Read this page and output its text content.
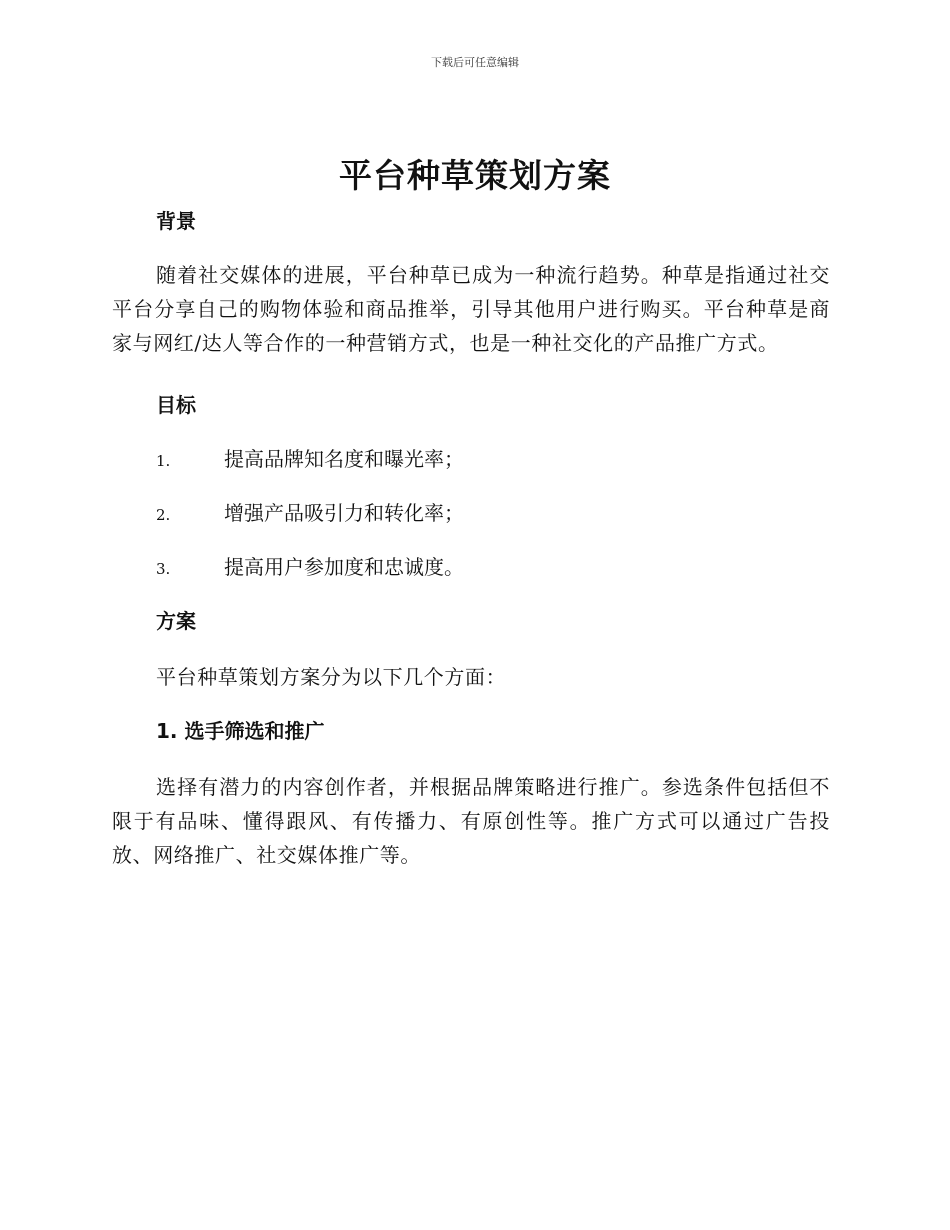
下载后可任意编辑
平台种草策划方案
背景

随着社交媒体的进展，平台种草已成为一种流行趋势。种草是指通过社交平台分享自己的购物体验和商品推举，引导其他用户进行购买。平台种草是商家与网红/达人等合作的一种营销方式，也是一种社交化的产品推广方式。

目标
1.	提高品牌知名度和曝光率；
2.	增强产品吸引力和转化率；
3.	提高用户参加度和忠诚度。
方案

平台种草策划方案分为以下几个方面：

1. 选手筛选和推广

选择有潜力的内容创作者，并根据品牌策略进行推广。参选条件包括但不限于有品味、懂得跟风、有传播力、有原创性等。推广方式可以通过广告投放、网络推广、社交媒体推广等。
